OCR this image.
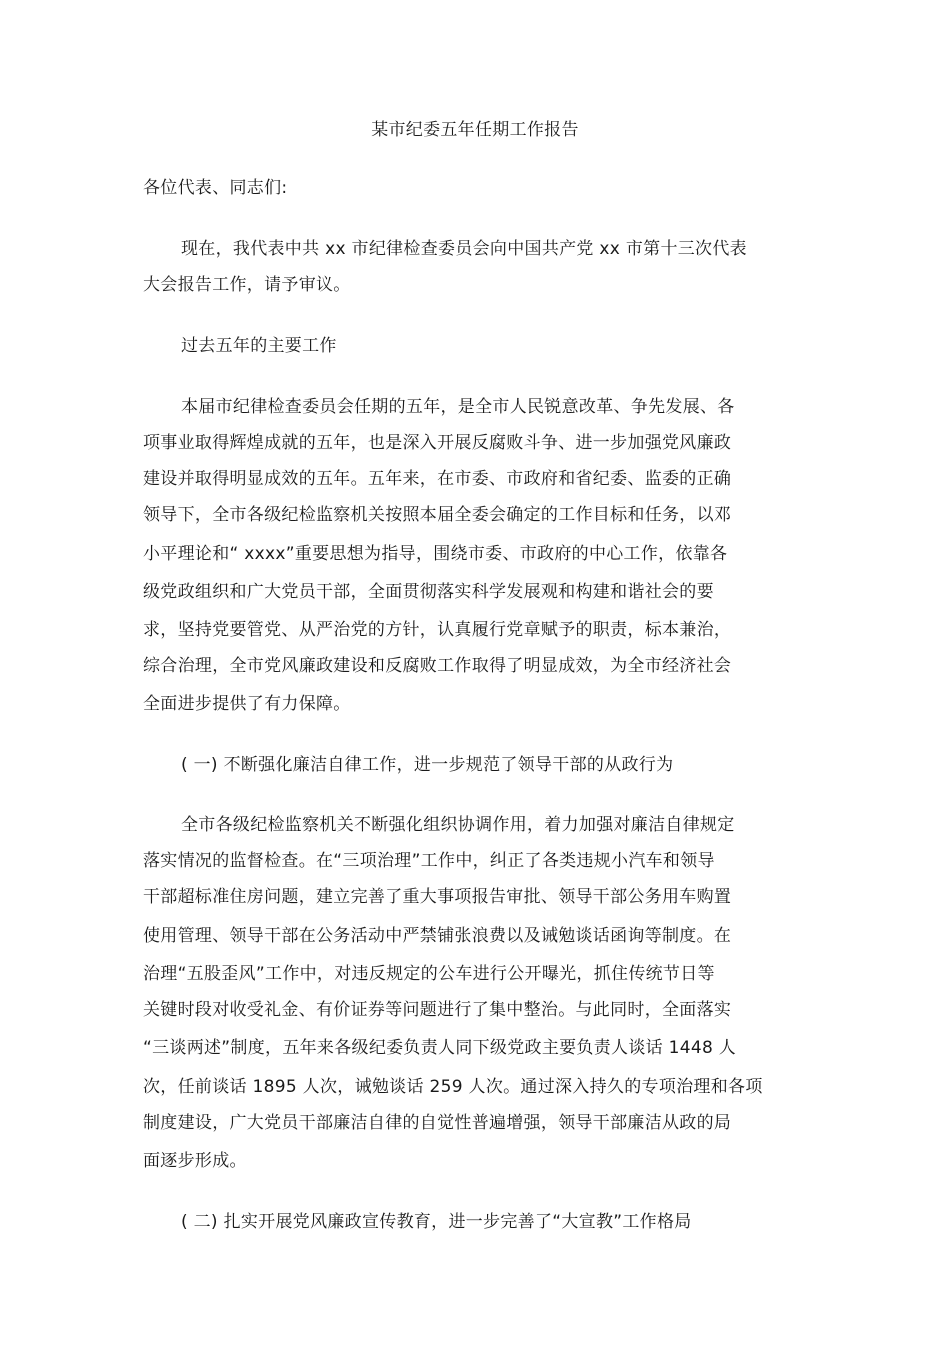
某市纪委五年任期工作报告
各位代表、同志们:
现在，我代表中共 xx 市纪律检查委员会向中国共产党 xx 市第十三次代表
大会报告工作，请予审议。
过去五年的主要工作
本届市纪律检查委员会任期的五年，是全市人民锐意改革、争先发展、各
项事业取得辉煌成就的五年，也是深入开展反腐败斗争、进一步加强党风廉政
建设并取得明显成效的五年。五年来，在市委、市政府和省纪委、监委的正确
领导下，全市各级纪检监察机关按照本届全委会确定的工作目标和任务，以邓
小平理论和“ xxxx”重要思想为指导，围绕市委、市政府的中心工作，依靠各
级党政组织和广大党员干部，全面贯彻落实科学发展观和构建和谐社会的要
求，坚持党要管党、从严治党的方针，认真履行党章赋予的职责，标本兼治，
综合治理，全市党风廉政建设和反腐败工作取得了明显成效，为全市经济社会
全面进步提供了有力保障。
( 一) 不断强化廉洁自律工作，进一步规范了领导干部的从政行为
全市各级纪检监察机关不断强化组织协调作用，着力加强对廉洁自律规定
落实情况的监督检查。在“三项治理”工作中，纠正了各类违规小汽车和领导
干部超标准住房问题，建立完善了重大事项报告审批、领导干部公务用车购置
使用管理、领导干部在公务活动中严禁铺张浪费以及诫勉谈话函询等制度。在
治理“五股歪风”工作中，对违反规定的公车进行公开曝光，抓住传统节日等
关键时段对收受礼金、有价证券等问题进行了集中整治。与此同时，全面落实
“三谈两述”制度，五年来各级纪委负责人同下级党政主要负责人谈话 1448 人
次，任前谈话 1895 人次，诫勉谈话 259 人次。通过深入持久的专项治理和各项
制度建设，广大党员干部廉洁自律的自觉性普遍增强，领导干部廉洁从政的局
面逐步形成。
( 二) 扎实开展党风廉政宣传教育，进一步完善了“大宣教”工作格局
